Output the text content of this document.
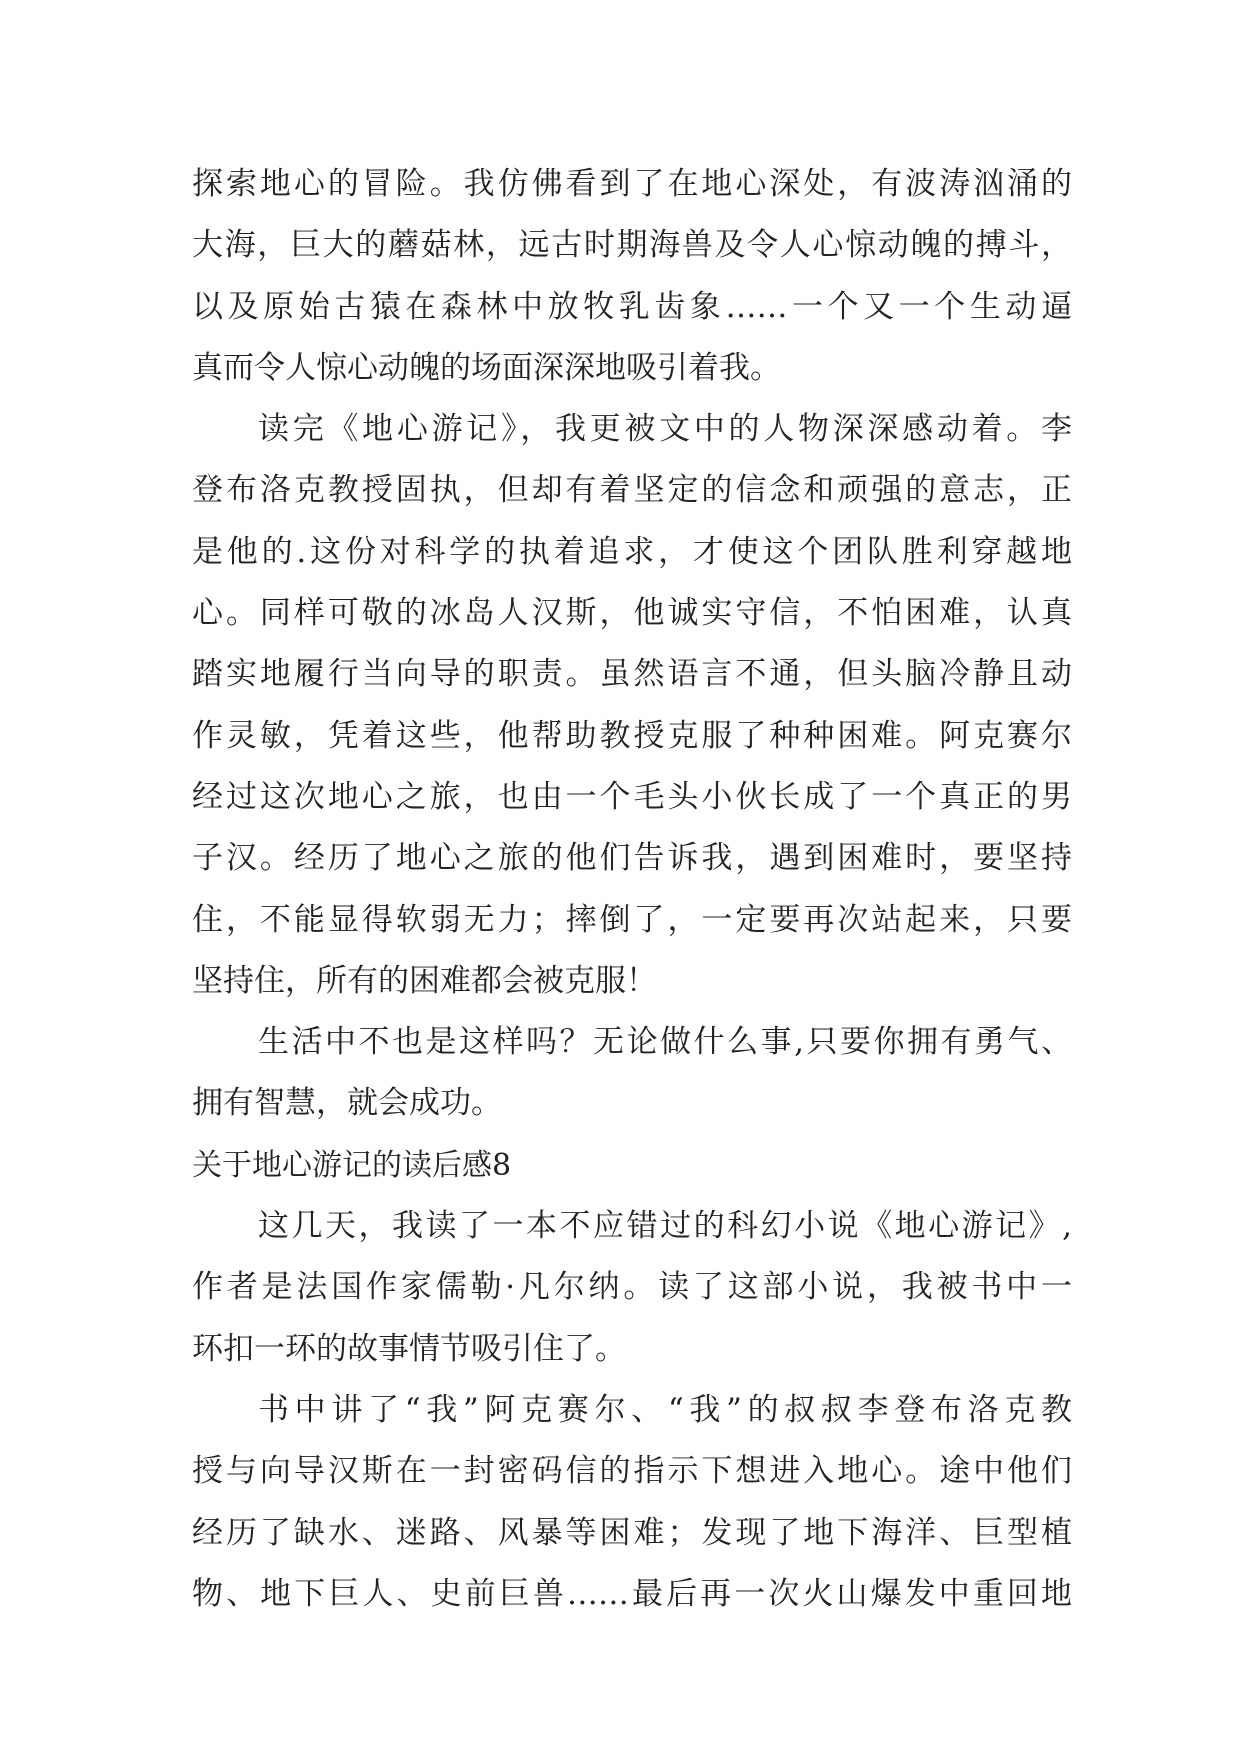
探索地心的冒险。我仿佛看到了在地心深处，有波涛汹涌的
大海，巨大的蘑菇林，远古时期海兽及令人心惊动魄的搏斗，
以及原始古猿在森林中放牧乳齿象……一个又一个生动逼
真而令人惊心动魄的场面深深地吸引着我。
读完《地心游记》，我更被文中的人物深深感动着。李
登布洛克教授固执，但却有着坚定的信念和顽强的意志，正
是他的.这份对科学的执着追求，才使这个团队胜利穿越地
心。同样可敬的冰岛人汉斯，他诚实守信，不怕困难，认真
踏实地履行当向导的职责。虽然语言不通，但头脑冷静且动
作灵敏，凭着这些，他帮助教授克服了种种困难。阿克赛尔
经过这次地心之旅，也由一个毛头小伙长成了一个真正的男
子汉。经历了地心之旅的他们告诉我，遇到困难时，要坚持
住，不能显得软弱无力；摔倒了，一定要再次站起来，只要
坚持住，所有的困难都会被克服！
生活中不也是这样吗？无论做什么事,只要你拥有勇气、
拥有智慧，就会成功。
关于地心游记的读后感8
这几天，我读了一本不应错过的科幻小说《地心游记》,
作者是法国作家儒勒·凡尔纳。读了这部小说，我被书中一
环扣一环的故事情节吸引住了。
书中讲了“我”阿克赛尔、“我”的叔叔李登布洛克教
授与向导汉斯在一封密码信的指示下想进入地心。途中他们
经历了缺水、迷路、风暴等困难；发现了地下海洋、巨型植
物、地下巨人、史前巨兽……最后再一次火山爆发中重回地
